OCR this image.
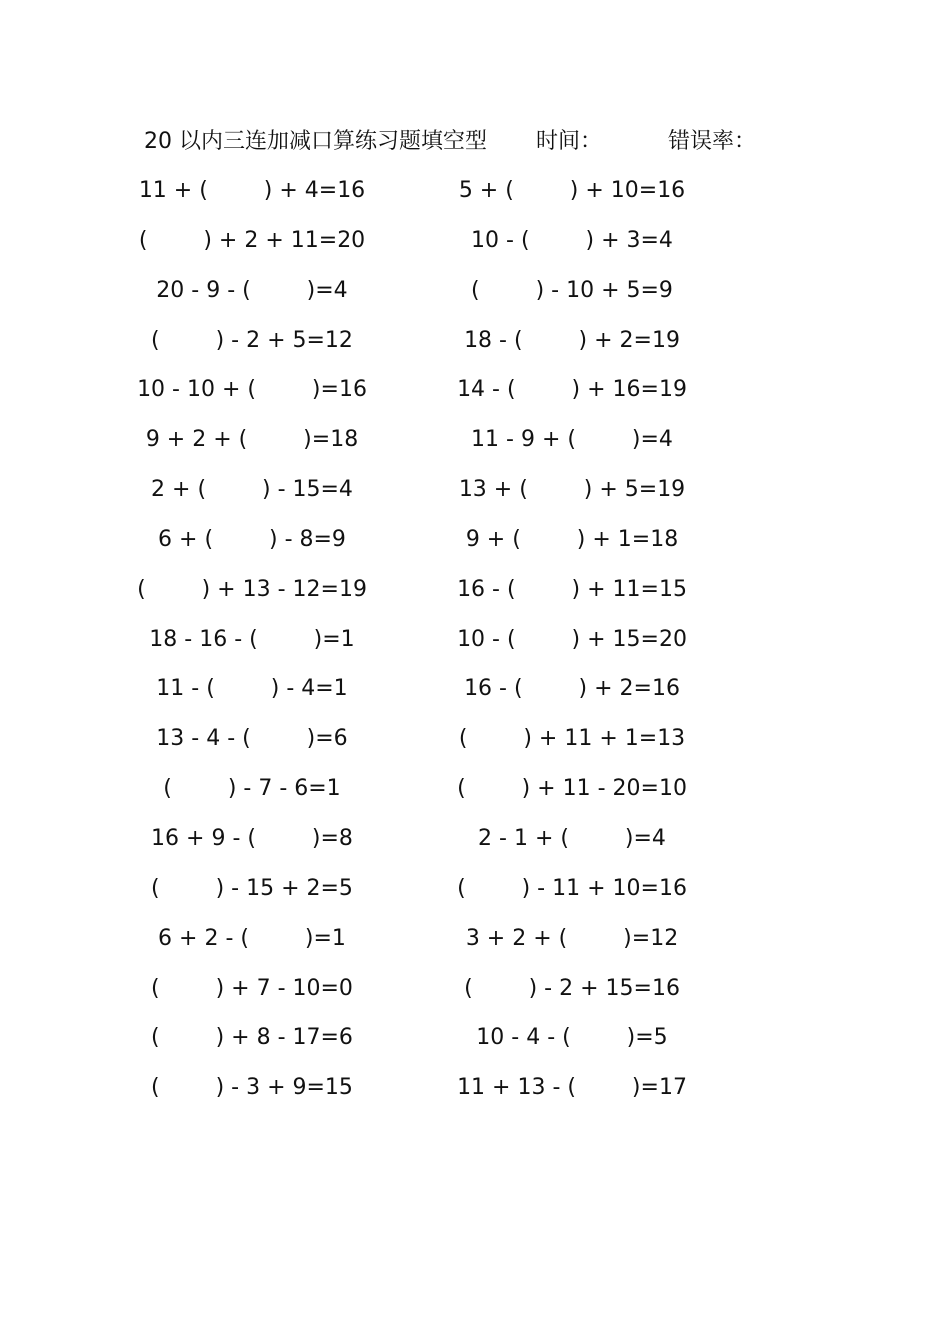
20 以内三连加减口算练习题填空型 时间：	错误率：
11 + (        ) + 4=16
(        ) + 2 + 11=20
20 - 9 - (        )=4
(        ) - 2 + 5=12
10 - 10 + (        )=16
9 + 2 + (        )=18
2 + (        ) - 15=4
6 + (        ) - 8=9
(        ) + 13 - 12=19
18 - 16 - (        )=1
11 - (        ) - 4=1
13 - 4 - (        )=6
(        ) - 7 - 6=1
16 + 9 - (        )=8
(        ) - 15 + 2=5
6 + 2 - (        )=1
(        ) + 7 - 10=0
(        ) + 8 - 17=6
(        ) - 3 + 9=15
5 + (        ) + 10=16
10 - (        ) + 3=4
(        ) - 10 + 5=9
18 - (        ) + 2=19
14 - (        ) + 16=19
11 - 9 + (        )=4
13 + (        ) + 5=19
9 + (        ) + 1=18
16 - (        ) + 11=15
10 - (        ) + 15=20
16 - (        ) + 2=16
(        ) + 11 + 1=13
(        ) + 11 - 20=10
2 - 1 + (        )=4
(        ) - 11 + 10=16
3 + 2 + (        )=12
(        ) - 2 + 15=16
10 - 4 - (        )=5
11 + 13 - (        )=17
